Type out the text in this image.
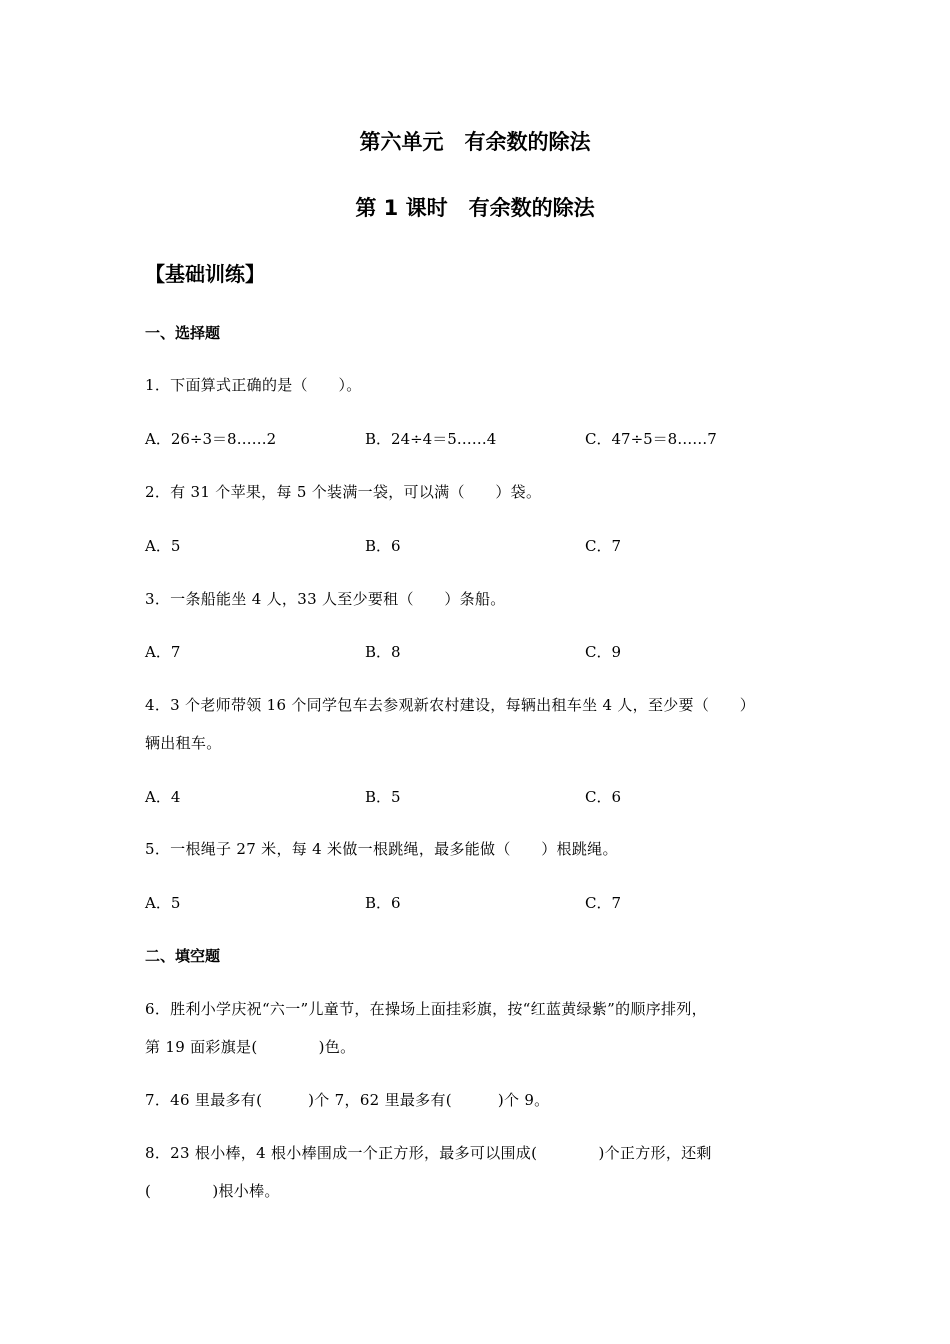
第六单元　有余数的除法
第 1 课时　有余数的除法
【基础训练】
一、选择题
1．下面算式正确的是（　　）。
A．26÷3＝8……2	B．24÷4＝5……4	C．47÷5＝8……7
2．有 31 个苹果，每 5 个装满一袋，可以满（　　）袋。
A．5	B．6	C．7
3．一条船能坐 4 人，33 人至少要租（　　）条船。
A．7	B．8	C．9
4．3 个老师带领 16 个同学包车去参观新农村建设，每辆出租车坐 4 人，至少要（　　）
辆出租车。
A．4	B．5	C．6
5．一根绳子 27 米，每 4 米做一根跳绳，最多能做（　　）根跳绳。
A．5	B．6	C．7
二、填空题
6．胜利小学庆祝“六一”儿童节，在操场上面挂彩旗，按“红蓝黄绿紫”的顺序排列，
第 19 面彩旗是(　　　　)色。
7．46 里最多有(　　　)个 7，62 里最多有(　　　)个 9。
8．23 根小棒，4 根小棒围成一个正方形，最多可以围成(　　　　)个正方形，还剩
(　　　　)根小棒。
